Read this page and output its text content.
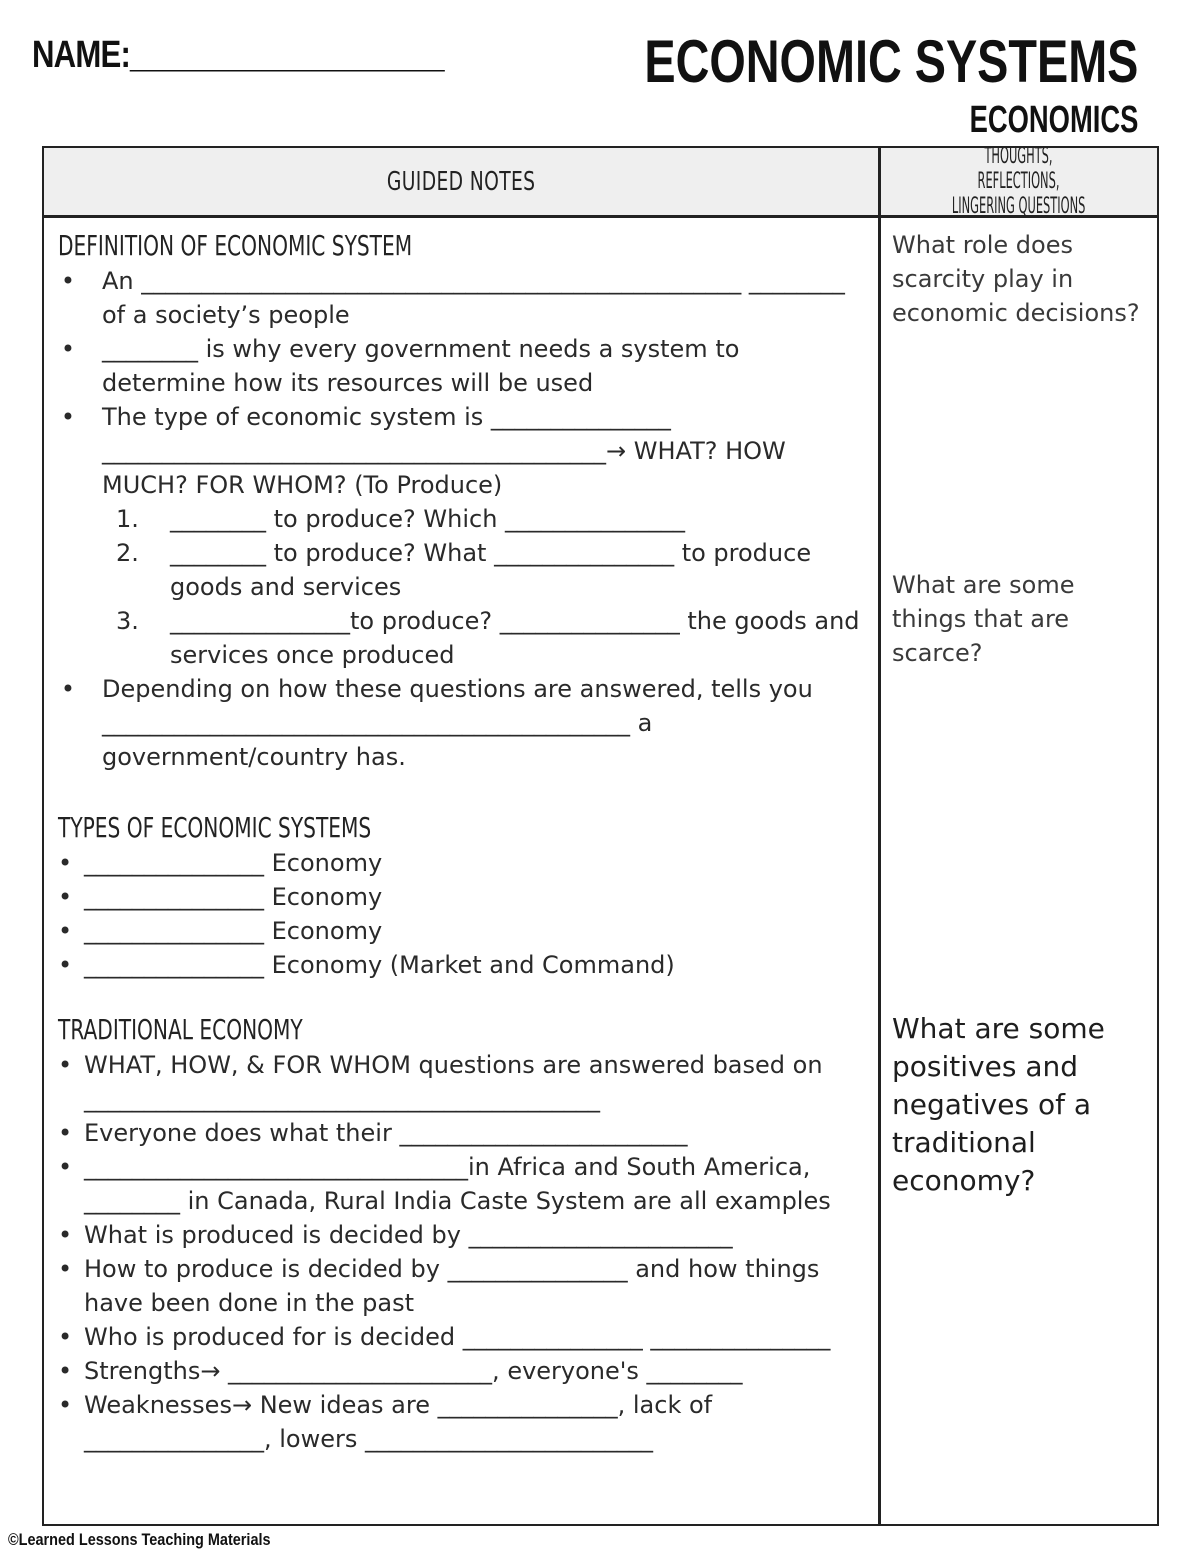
NAME:___________________	ECONOMIC SYSTEMS
ECONOMICS
GUIDED NOTES
THOUGHTS, REFLECTIONS,
LINGERING QUESTIONS
DEFINITION OF ECONOMIC SYSTEM
• An __________________________________________________ ________ of a society’s people
• ________ is why every government needs a system to determine how its resources will be used
• The type of economic system is _______________ __________________________________________→ WHAT? HOW MUCH? FOR WHOM? (To Produce)
1. ________ to produce? Which _______________
2. ________ to produce? What _______________ to produce goods and services
3. _______________to produce? _______________ the goods and services once produced
• Depending on how these questions are answered, tells you ____________________________________________ a government/country has.
TYPES OF ECONOMIC SYSTEMS
• _______________ Economy
• _______________ Economy
• _______________ Economy
• _______________ Economy (Market and Command)
TRADITIONAL ECONOMY
• WHAT, HOW, & FOR WHOM questions are answered based on ___________________________________________
• Everyone does what their ________________________
• ________________________________in Africa and South America, ________ in Canada, Rural India Caste System are all examples
• What is produced is decided by ______________________
• How to produce is decided by _______________ and how things have been done in the past
• Who is produced for is decided _______________ _______________
• Strengths→ ______________________, everyone's ________
• Weaknesses→ New ideas are _______________, lack of _______________, lowers ________________________
What role does scarcity play in economic decisions?
What are some things that are scarce?
What are some positives and negatives of a traditional economy?
©Learned Lessons Teaching Materials
